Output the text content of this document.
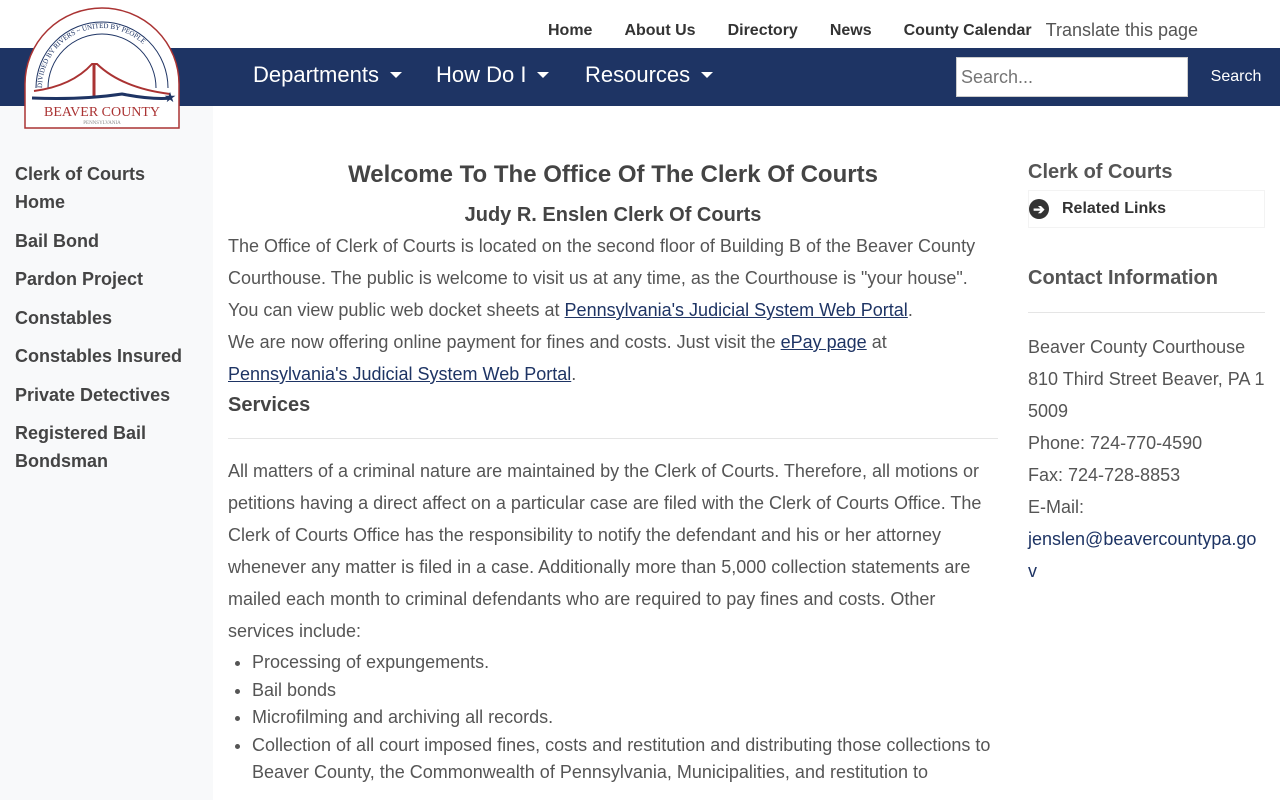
Home About Us Directory News County Calendar Translate this page
Departments	How Do I	Resources
Search...	Search
DIVIDED BY RIVERS ~ UNITED BY PEOPLE
★
BEAVER COUNTY
PENNSYLVANIA
Clerk of Courts Home
Bail Bond
Pardon Project
Constables
Constables Insured
Private Detectives
Registered Bail Bondsman
Welcome To The Office Of The Clerk Of Courts
Judy R. Enslen Clerk Of Courts

The Office of Clerk of Courts is located on the second floor of Building B of the Beaver County Courthouse. The public is welcome to visit us at any time, as the Courthouse is "your house". You can view public web docket sheets at Pennsylvania's Judicial System Web Portal.

We are now offering online payment for fines and costs. Just visit the ePay page at
Pennsylvania's Judicial System Web Portal.

Services

All matters of a criminal nature are maintained by the Clerk of Courts. Therefore, all motions or petitions having a direct affect on a particular case are filed with the Clerk of Courts Office. The Clerk of Courts Office has the responsibility to notify the defendant and his or her attorney whenever any matter is filed in a case. Additionally more than 5,000 collection statements are mailed each month to criminal defendants who are required to pay fines and costs. Other services include:

• Processing of expungements.
• Bail bonds
• Microfilming and archiving all records.
• Collection of all court imposed fines, costs and restitution and distributing those collections to Beaver County, the Commonwealth of Pennsylvania, Municipalities, and restitution to
Clerk of Courts
➔ Related Links
Contact Information
Beaver County Courthouse
810 Third Street Beaver, PA 15009
Phone: 724-770-4590
Fax: 724-728-8853
E-Mail:
jenslen@beavercountypa.gov
